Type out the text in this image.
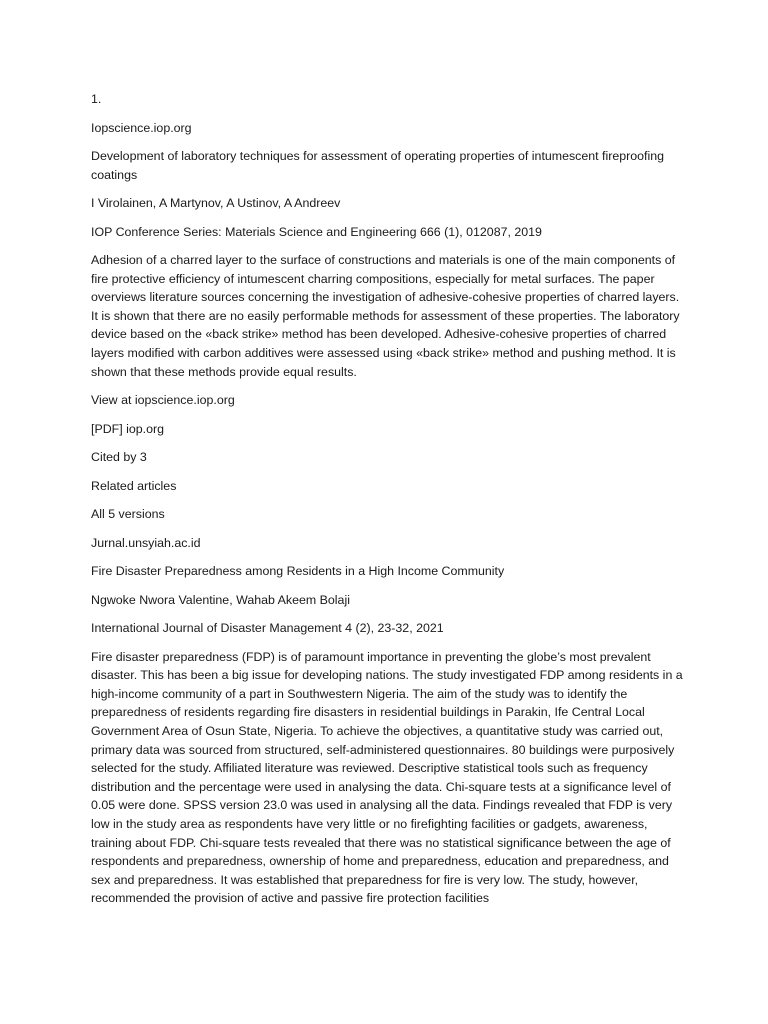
1.
Iopscience.iop.org
Development of laboratory techniques for assessment of operating properties of intumescent fireproofing coatings
I Virolainen, A Martynov, A Ustinov, A Andreev
IOP Conference Series: Materials Science and Engineering 666 (1), 012087, 2019
Adhesion of a charred layer to the surface of constructions and materials is one of the main components of fire protective efficiency of intumescent charring compositions, especially for metal surfaces. The paper overviews literature sources concerning the investigation of adhesive-cohesive properties of charred layers. It is shown that there are no easily performable methods for assessment of these properties. The laboratory device based on the «back strike» method has been developed. Adhesive-cohesive properties of charred layers modified with carbon additives were assessed using «back strike» method and pushing method. It is shown that these methods provide equal results.
View at iopscience.iop.org
[PDF] iop.org
Cited by 3
Related articles
All 5 versions
Jurnal.unsyiah.ac.id
Fire Disaster Preparedness among Residents in a High Income Community
Ngwoke Nwora Valentine, Wahab Akeem Bolaji
International Journal of Disaster Management 4 (2), 23-32, 2021
Fire disaster preparedness (FDP) is of paramount importance in preventing the globe’s most prevalent disaster. This has been a big issue for developing nations. The study investigated FDP among residents in a high-income community of a part in Southwestern Nigeria. The aim of the study was to identify the preparedness of residents regarding fire disasters in residential buildings in Parakin, Ife Central Local Government Area of Osun State, Nigeria. To achieve the objectives, a quantitative study was carried out, primary data was sourced from structured, self-administered questionnaires. 80 buildings were purposively selected for the study. Affiliated literature was reviewed. Descriptive statistical tools such as frequency distribution and the percentage were used in analysing the data. Chi-square tests at a significance level of 0.05 were done. SPSS version 23.0 was used in analysing all the data. Findings revealed that FDP is very low in the study area as respondents have very little or no firefighting facilities or gadgets, awareness, training about FDP. Chi-square tests revealed that there was no statistical significance between the age of respondents and preparedness, ownership of home and preparedness, education and preparedness, and sex and preparedness. It was established that preparedness for fire is very low. The study, however, recommended the provision of active and passive fire protection facilities
